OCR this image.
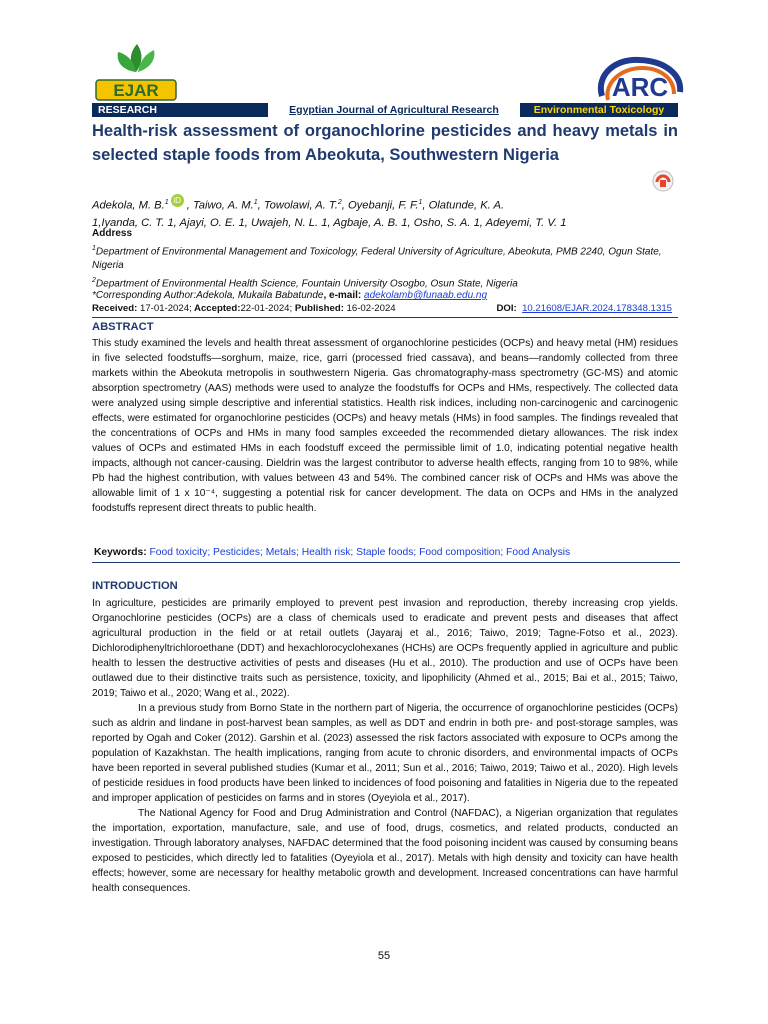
EJAR	ARC
RESEARCH	Egyptian Journal of Agricultural Research	Environmental Toxicology
Health-risk assessment of organochlorine pesticides and heavy metals in selected staple foods from Abeokuta, Southwestern Nigeria
Adekola, M. B.$^1$ iD , Taiwo, A. M.$^1$, Towolawi, A. T.$^2$, Oyebanji, F. F.$^1$, Olatunde, K. A.
1,Iyanda, C. T. 1, Ajayi, O. E. 1, Uwajeh, N. L. 1, Agbaje, A. B. 1, Osho, S. A. 1, Adeyemi, T. V. 1
Address
$^1$Department of Environmental Management and Toxicology, Federal University of Agriculture, Abeokuta, PMB 2240, Ogun State, Nigeria
$^2$Department of Environmental Health Science, Fountain University Osogbo, Osun State, Nigeria
*Corresponding Author:Adekola, Mukaila Babatunde, e-mail: adekolamb@funaab.edu.ng
Received: 17-01-2024; Accepted:22-01-2024; Published: 16-02-2024	DOI: 10.21608/EJAR.2024.178348.1315
ABSTRACT

This study examined the levels and health threat assessment of organochlorine pesticides (OCPs) and heavy metal (HM) residues in five selected foodstuffs—sorghum, maize, rice, garri (processed fried cassava), and beans—randomly collected from three markets within the Abeokuta metropolis in southwestern Nigeria. Gas chromatography-mass spectrometry (GC-MS) and atomic absorption spectrometry (AAS) methods were used to analyze the foodstuffs for OCPs and HMs, respectively. The collected data were analyzed using simple descriptive and inferential statistics. Health risk indices, including non-carcinogenic and carcinogenic effects, were estimated for organochlorine pesticides (OCPs) and heavy metals (HMs) in food samples. The findings revealed that the concentrations of OCPs and HMs in many food samples exceeded the recommended dietary allowances. The risk index values of OCPs and estimated HMs in each foodstuff exceed the permissible limit of 1.0, indicating potential negative health impacts, although not cancer-causing. Dieldrin was the largest contributor to adverse health effects, ranging from 10 to 98%, while Pb had the highest contribution, with values between 43 and 54%. The combined cancer risk of OCPs and HMs was above the allowable limit of 1 x 10⁻⁴, suggesting a potential risk for cancer development. The data on OCPs and HMs in the analyzed foodstuffs represent direct threats to public health.

Keywords: Food toxicity; Pesticides; Metals; Health risk; Staple foods; Food composition; Food Analysis
INTRODUCTION

In agriculture, pesticides are primarily employed to prevent pest invasion and reproduction, thereby increasing crop yields. Organochlorine pesticides (OCPs) are a class of chemicals used to eradicate and prevent pests and diseases that affect agricultural production in the field or at retail outlets (Jayaraj et al., 2016; Taiwo, 2019; Tagne-Fotso et al., 2023). Dichlorodiphenyltrichloroethane (DDT) and hexachlorocyclohexanes (HCHs) are OCPs frequently applied in agriculture and public health to lessen the destructive activities of pests and diseases (Hu et al., 2010). The production and use of OCPs have been outlawed due to their distinctive traits such as persistence, toxicity, and lipophilicity (Ahmed et al., 2015; Bai et al., 2015; Taiwo, 2019; Taiwo et al., 2020; Wang et al., 2022).

In a previous study from Borno State in the northern part of Nigeria, the occurrence of organochlorine pesticides (OCPs) such as aldrin and lindane in post-harvest bean samples, as well as DDT and endrin in both pre- and post-storage samples, was reported by Ogah and Coker (2012). Garshin et al. (2023) assessed the risk factors associated with exposure to OCPs among the population of Kazakhstan. The health implications, ranging from acute to chronic disorders, and environmental impacts of OCPs have been reported in several published studies (Kumar et al., 2011; Sun et al., 2016; Taiwo, 2019; Taiwo et al., 2020). High levels of pesticide residues in food products have been linked to incidences of food poisoning and fatalities in Nigeria due to the repeated and improper application of pesticides on farms and in stores (Oyeyiola et al., 2017).

The National Agency for Food and Drug Administration and Control (NAFDAC), a Nigerian organization that regulates the importation, exportation, manufacture, sale, and use of food, drugs, cosmetics, and related products, conducted an investigation. Through laboratory analyses, NAFDAC determined that the food poisoning incident was caused by consuming beans exposed to pesticides, which directly led to fatalities (Oyeyiola et al., 2017). Metals with high density and toxicity can have health effects; however, some are necessary for healthy metabolic growth and development. Increased concentrations can have harmful health consequences.

55
